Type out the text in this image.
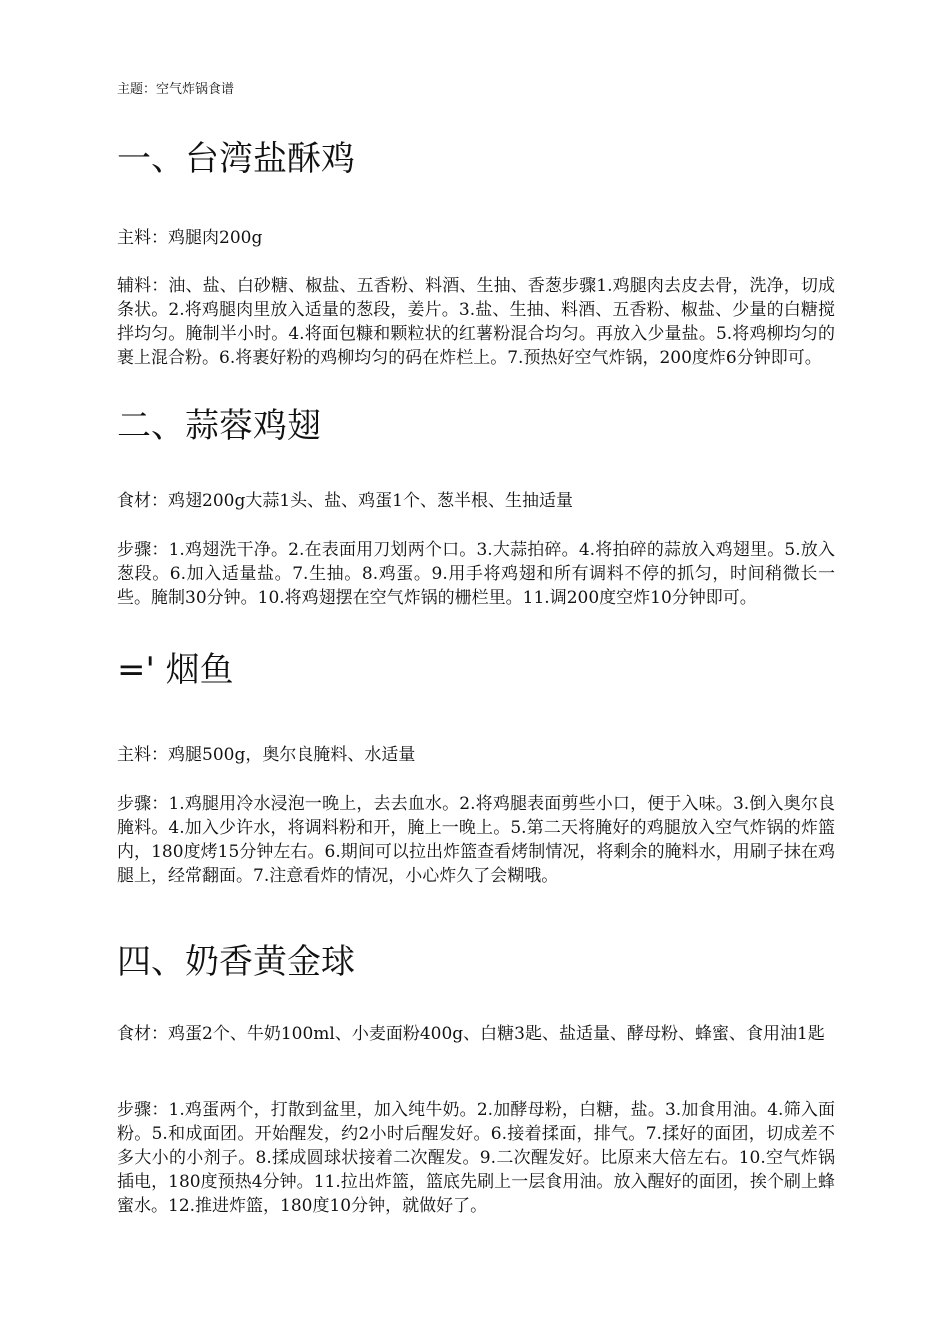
主题：空气炸锅食谱
一、台湾盐酥鸡

主料：鸡腿肉200g

辅料：油、盐、白砂糖、椒盐、五香粉、料酒、生抽、香葱步骤1.鸡腿肉去皮去骨，洗净，切成条状。2.将鸡腿肉里放入适量的葱段，姜片。3.盐、生抽、料酒、五香粉、椒盐、少量的白糖搅拌均匀。腌制半小时。4.将面包糠和颗粒状的红薯粉混合均匀。再放入少量盐。5.将鸡柳均匀的裹上混合粉。6.将裹好粉的鸡柳均匀的码在炸栏上。7.预热好空气炸锅，200度炸6分钟即可。

二、蒜蓉鸡翅

食材：鸡翅200g大蒜1头、盐、鸡蛋1个、葱半根、生抽适量

步骤：1.鸡翅洗干净。2.在表面用刀划两个口。3.大蒜拍碎。4.将拍碎的蒜放入鸡翅里。5.放入葱段。6.加入适量盐。7.生抽。8.鸡蛋。9.用手将鸡翅和所有调料不停的抓匀，时间稍微长一些。腌制30分钟。10.将鸡翅摆在空气炸锅的栅栏里。11.调200度空炸10分钟即可。

=' 烟鱼

主料：鸡腿500g，奥尔良腌料、水适量

步骤：1.鸡腿用冷水浸泡一晚上，去去血水。2.将鸡腿表面剪些小口，便于入味。3.倒入奥尔良腌料。4.加入少许水，将调料粉和开，腌上一晚上。5.第二天将腌好的鸡腿放入空气炸锅的炸篮内，180度烤15分钟左右。6.期间可以拉出炸篮查看烤制情况，将剩余的腌料水，用刷子抹在鸡腿上，经常翻面。7.注意看炸的情况，小心炸久了会糊哦。

四、奶香黄金球

食材：鸡蛋2个、牛奶100ml、小麦面粉400g、白糖3匙、盐适量、酵母粉、蜂蜜、食用油1匙

步骤：1.鸡蛋两个，打散到盆里，加入纯牛奶。2.加酵母粉，白糖，盐。3.加食用油。4.筛入面粉。5.和成面团。开始醒发，约2小时后醒发好。6.接着揉面，排气。7.揉好的面团，切成差不多大小的小剂子。8.揉成圆球状接着二次醒发。9.二次醒发好。比原来大倍左右。10.空气炸锅插电，180度预热4分钟。11.拉出炸篮，篮底先刷上一层食用油。放入醒好的面团，挨个刷上蜂蜜水。12.推进炸篮，180度10分钟，就做好了。
